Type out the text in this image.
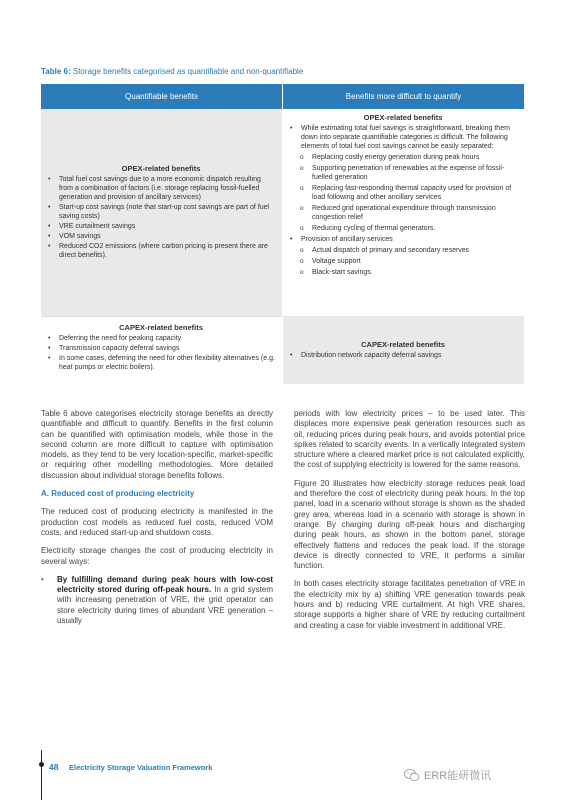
Table 6: Storage benefits categorised as quantifiable and non-quantifiable
Quantifiable benefits	Benefits more difficult to quantify
OPEX-related benefits
• Total fuel cost savings due to a more economic dispatch resulting from a combination of factors (i.e. storage replacing fossil-fuelled generation and provision of ancillary services)
• Start-up cost savings (note that start-up cost savings are part of fuel saving costs)
• VRE curtailment savings
• VOM savings
• Reduced CO2 emissions (where carbon pricing is present there are direct benefits).
OPEX-related benefits
• While estimating total fuel savings is straightforward, breaking them down into separate quantifiable categories is difficult. The following elements of total fuel cost savings cannot be easily separated:
o Replacing costly energy generation during peak hours
o Supporting penetration of renewables at the expense of fossil-fuelled generation
o Replacing fast-responding thermal capacity used for provision of load following and other ancillary services
o Reduced grid operational expenditure through transmission congestion relief
o Reducing cycling of thermal generators.
• Provision of ancillary services
o Actual dispatch of primary and secondary reserves
o Voltage support
o Black-start savings.
CAPEX-related benefits
• Deferring the need for peaking capacity
• Transmission capacity deferral savings
• In some cases, deferring the need for other flexibility alternatives (e.g. heat pumps or electric boilers).
CAPEX-related benefits
• Distribution network capacity deferral savings

Table 6 above categorises electricity storage benefits as directly quantifiable and difficult to quantify. Benefits in the first column can be quantified with optimisation models, while those in the second column are more difficult to capture with optimisation models, as they tend to be very location-specific, market-specific or requiring other modelling methodologies. More detailed discussion about individual storage benefits follows.

A. Reduced cost of producing electricity

The reduced cost of producing electricity is manifested in the production cost models as reduced fuel costs, reduced VOM costs, and reduced start-up and shutdown costs.

Electricity storage changes the cost of producing electricity in several ways:

• By fulfilling demand during peak hours with low-cost electricity stored during off-peak hours. In a grid system with increasing penetration of VRE, the grid operator can store electricity during times of abundant VRE generation – usually

periods with low electricity prices – to be used later. This displaces more expensive peak generation resources such as oil, reducing prices during peak hours, and avoids potential price spikes related to scarcity events. In a vertically integrated system structure where a cleared market price is not calculated explicitly, the cost of supplying electricity is lowered for the same reasons.

Figure 20 illustrates how electricity storage reduces peak load and therefore the cost of electricity during peak hours. In the top panel, load in a scenario without storage is shown as the shaded grey area, whereas load in a scenario with storage is shown in orange. By charging during off-peak hours and discharging during peak hours, as shown in the bottom panel, storage effectively flattens and reduces the peak load. If the storage device is directly connected to VRE, it performs a similar function.

In both cases electricity storage facilitates penetration of VRE in the electricity mix by a) shifting VRE generation towards peak hours and b) reducing VRE curtailment. At high VRE shares, storage supports a higher share of VRE by reducing curtailment and creating a case for viable investment in additional VRE.

48 Electricity Storage Valuation Framework
ERR能研微讯
